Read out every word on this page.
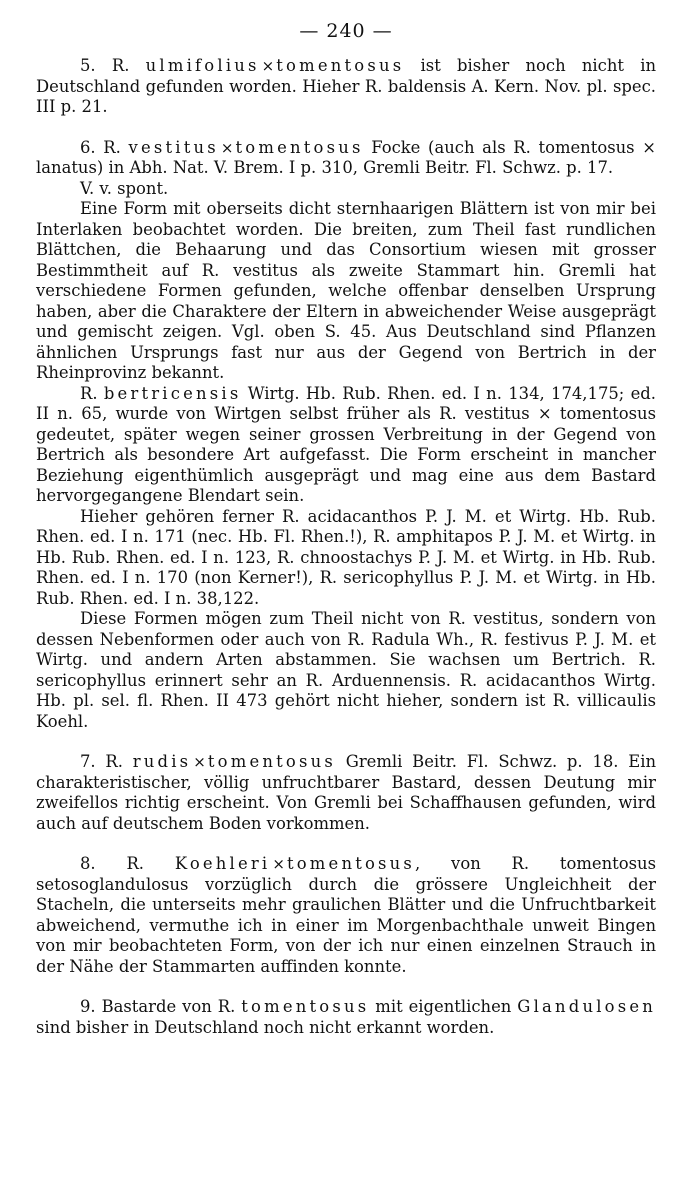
— 240 —

5. R. ulmifolius × tomentosus ist bisher noch nicht in Deutschland gefunden worden. Hieher R. baldensis A. Kern. Nov. pl. spec. III p. 21.

6. R. vestitus × tomentosus Focke (auch als R. tomentosus × lanatus) in Abh. Nat. V. Brem. I p. 310, Gremli Beitr. Fl. Schwz. p. 17.

V. v. spont.

Eine Form mit oberseits dicht sternhaarigen Blättern ist von mir bei Interlaken beobachtet worden. Die breiten, zum Theil fast rundlichen Blättchen, die Behaarung und das Consortium wiesen mit grosser Bestimmtheit auf R. vestitus als zweite Stammart hin. Gremli hat verschiedene Formen gefunden, welche offenbar denselben Ursprung haben, aber die Charaktere der Eltern in abweichender Weise ausgeprägt und gemischt zeigen. Vgl. oben S. 45. Aus Deutschland sind Pflanzen ähnlichen Ursprungs fast nur aus der Gegend von Bertrich in der Rheinprovinz bekannt.

R. bertricensis Wirtg. Hb. Rub. Rhen. ed. I n. 134, 174,175; ed. II n. 65, wurde von Wirtgen selbst früher als R. vestitus × tomentosus gedeutet, später wegen seiner grossen Verbreitung in der Gegend von Bertrich als besondere Art aufgefasst. Die Form erscheint in mancher Beziehung eigenthümlich ausgeprägt und mag eine aus dem Bastard hervorgegangene Blendart sein.

Hieher gehören ferner R. acidacanthos P. J. M. et Wirtg. Hb. Rub. Rhen. ed. I n. 171 (nec. Hb. Fl. Rhen.!), R. amphitapos P. J. M. et Wirtg. in Hb. Rub. Rhen. ed. I n. 123, R. chnoostachys P. J. M. et Wirtg. in Hb. Rub. Rhen. ed. I n. 170 (non Kerner!), R. sericophyllus P. J. M. et Wirtg. in Hb. Rub. Rhen. ed. I n. 38,122.

Diese Formen mögen zum Theil nicht von R. vestitus, sondern von dessen Nebenformen oder auch von R. Radula Wh., R. festivus P. J. M. et Wirtg. und andern Arten abstammen. Sie wachsen um Bertrich. R. sericophyllus erinnert sehr an R. Arduennensis. R. acidacanthos Wirtg. Hb. pl. sel. fl. Rhen. II 473 gehört nicht hieher, sondern ist R. villicaulis Koehl.

7. R. rudis × tomentosus Gremli Beitr. Fl. Schwz. p. 18. Ein charakteristischer, völlig unfruchtbarer Bastard, dessen Deutung mir zweifellos richtig erscheint. Von Gremli bei Schaffhausen gefunden, wird auch auf deutschem Boden vorkommen.

8. R. Koehleri × tomentosus, von R. tomentosus setosoglandulosus vorzüglich durch die grössere Ungleichheit der Stacheln, die unterseits mehr graulichen Blätter und die Unfruchtbarkeit abweichend, vermuthe ich in einer im Morgenbachthale unweit Bingen von mir beobachteten Form, von der ich nur einen einzelnen Strauch in der Nähe der Stammarten auffinden konnte.

9. Bastarde von R. tomentosus mit eigentlichen Glandulosen sind bisher in Deutschland noch nicht erkannt worden.
